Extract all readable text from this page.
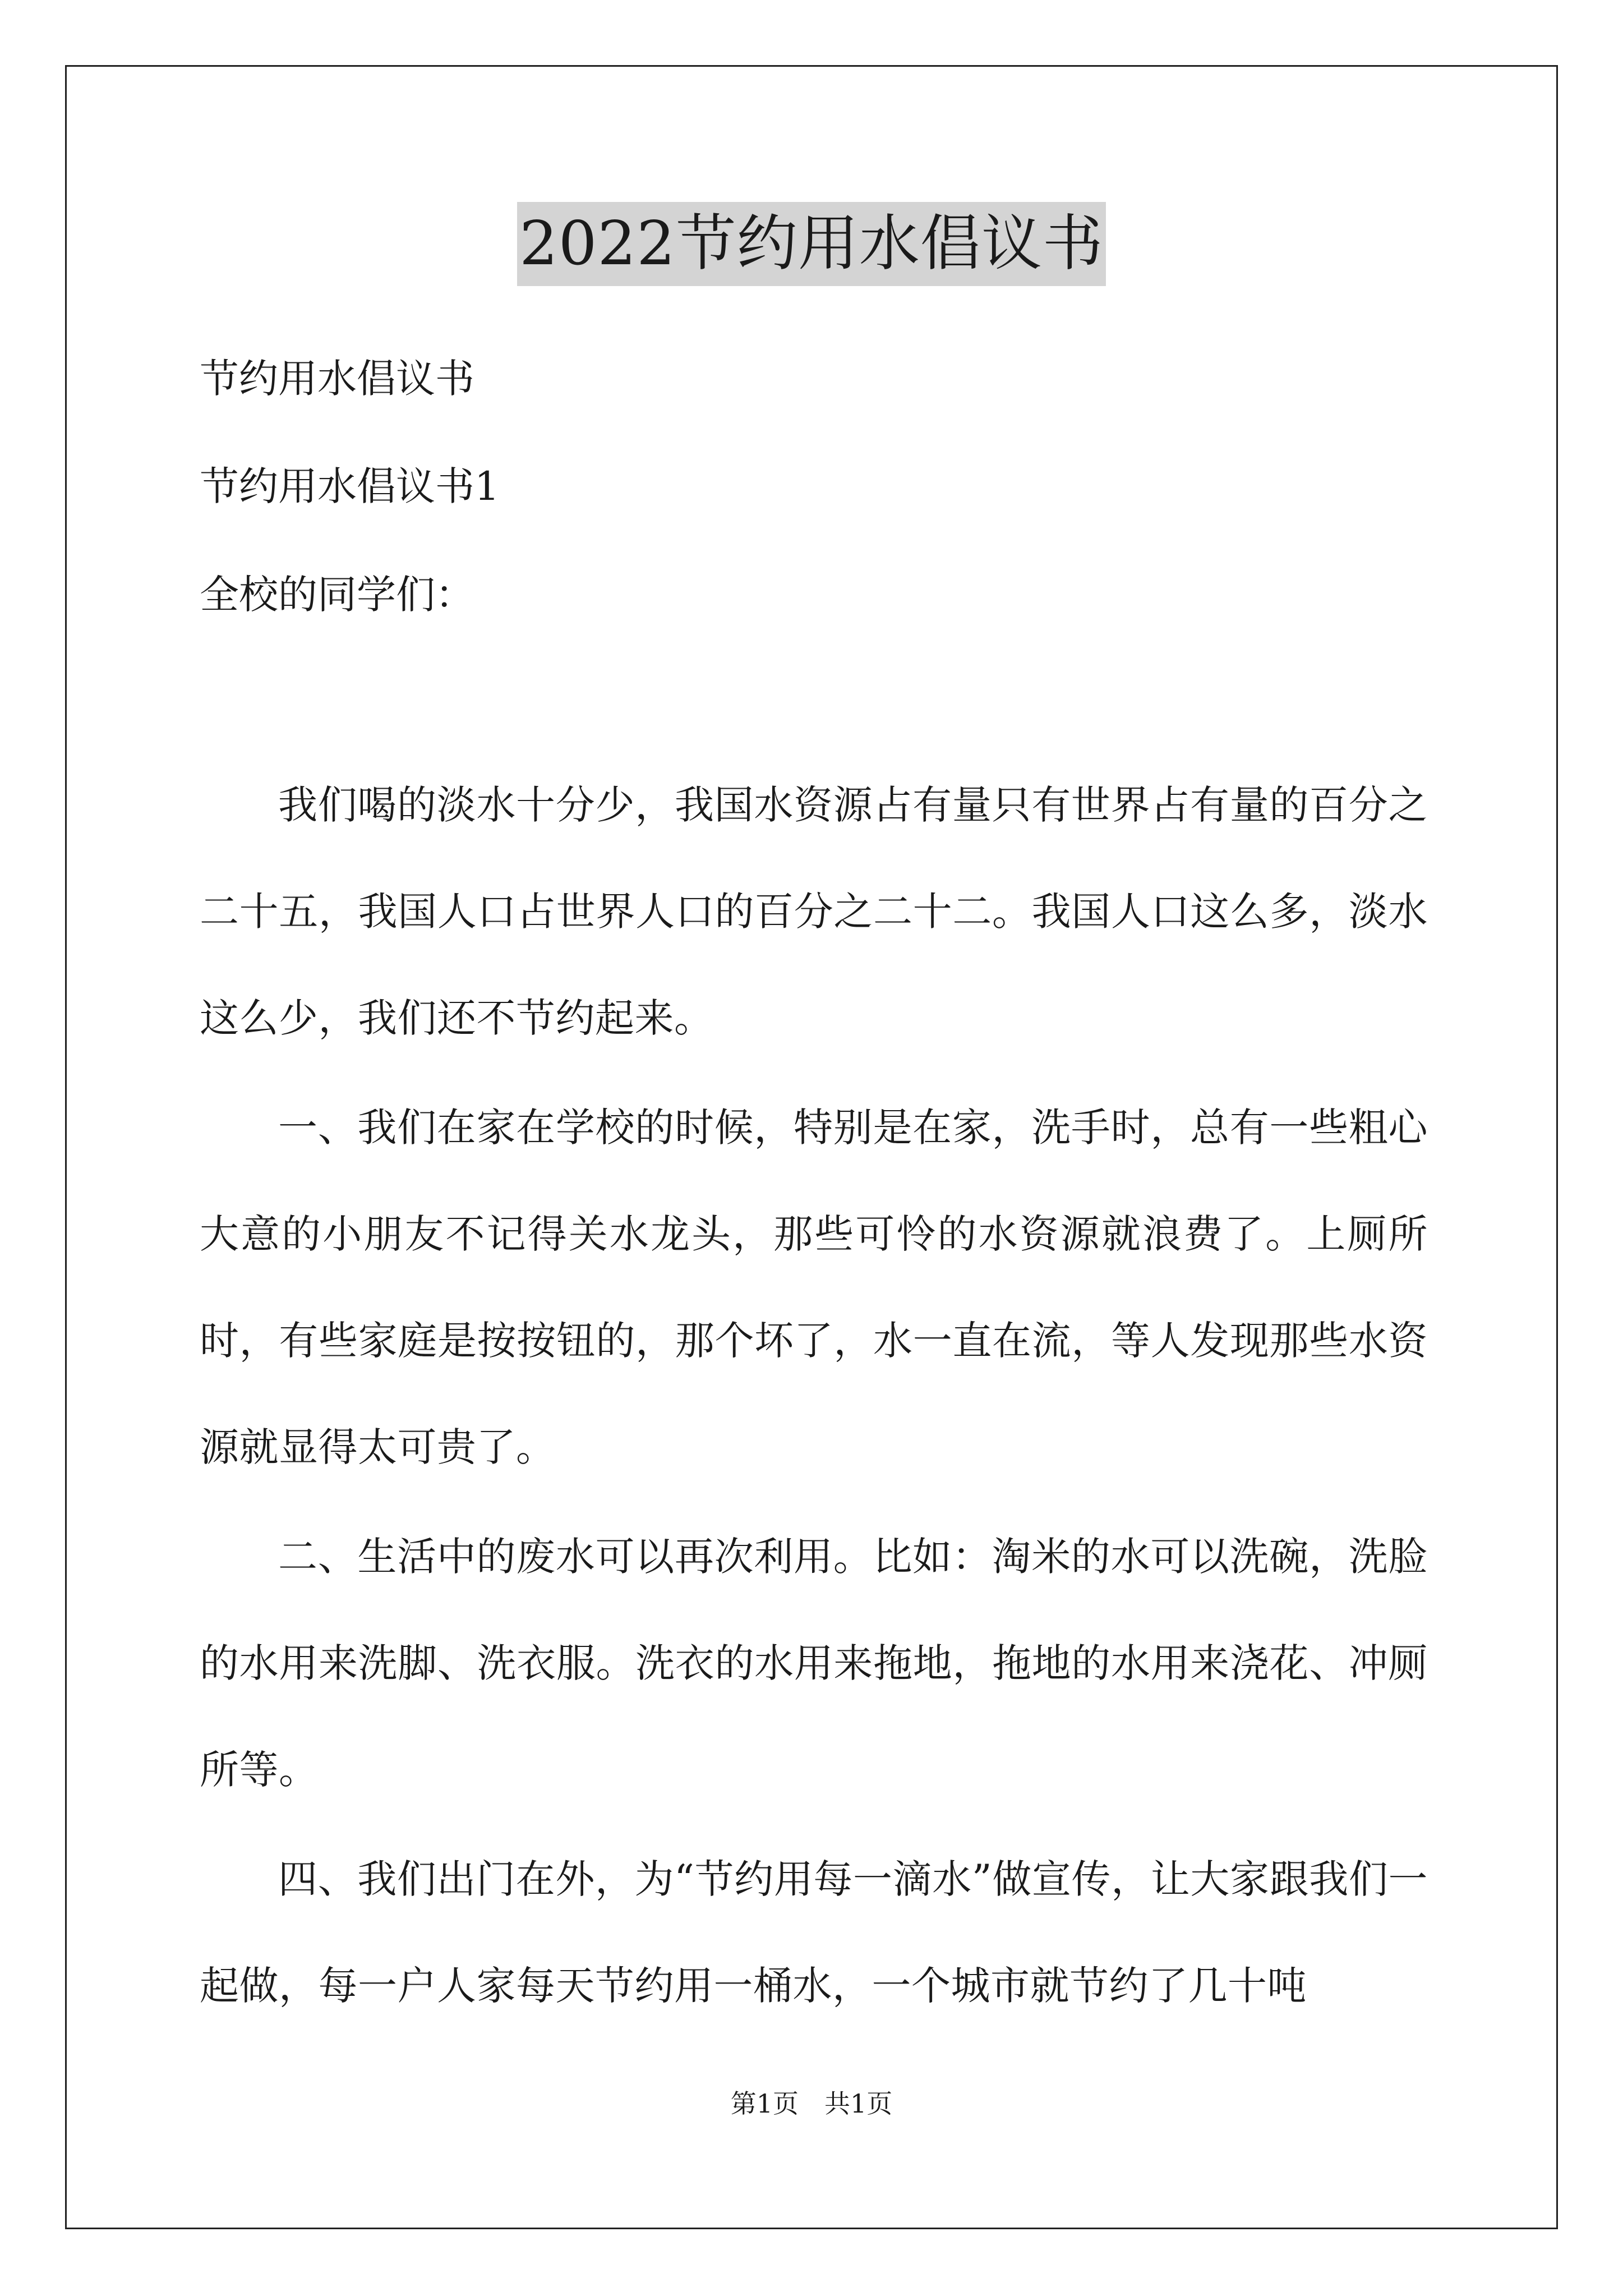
2022节约用水倡议书
节约用水倡议书
节约用水倡议书1
全校的同学们：
我们喝的淡水十分少，我国水资源占有量只有世界占有量的百分之二十五，我国人口占世界人口的百分之二十二。我国人口这么多，淡水这么少，我们还不节约起来。
一、我们在家在学校的时候，特别是在家，洗手时，总有一些粗心大意的小朋友不记得关水龙头，那些可怜的水资源就浪费了。上厕所时，有些家庭是按按钮的，那个坏了，水一直在流，等人发现那些水资源就显得太可贵了。
二、生活中的废水可以再次利用。比如：淘米的水可以洗碗，洗脸的水用来洗脚、洗衣服。洗衣的水用来拖地，拖地的水用来浇花、冲厕所等。
四、我们出门在外，为“节约用每一滴水”做宣传，让大家跟我们一起做，每一户人家每天节约用一桶水，一个城市就节约了几十吨
第1页　共1页
